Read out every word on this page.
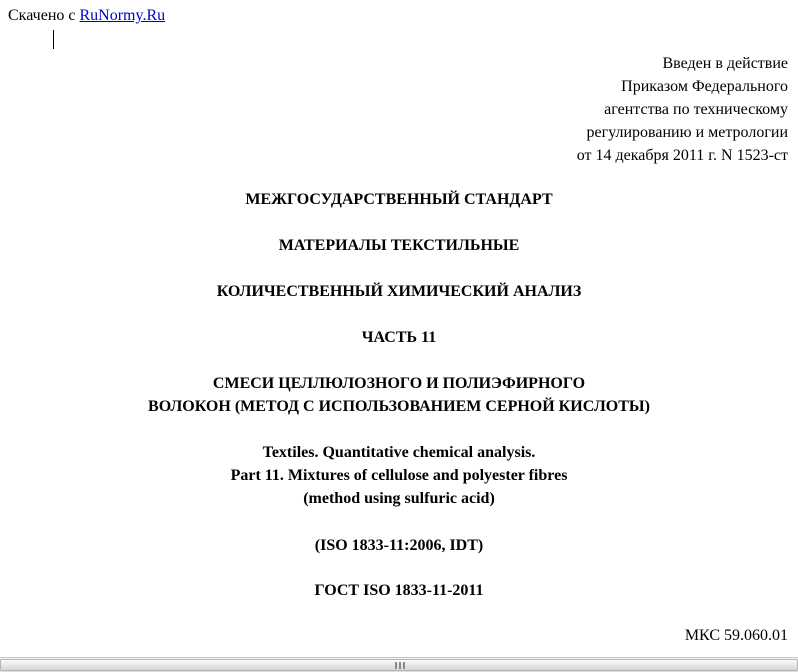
Скачено с RuNormy.Ru
Введен в действие
Приказом Федерального
агентства по техническому
регулированию и метрологии
от 14 декабря 2011 г. N 1523-ст
МЕЖГОСУДАРСТВЕННЫЙ СТАНДАРТ
МАТЕРИАЛЫ ТЕКСТИЛЬНЫЕ
КОЛИЧЕСТВЕННЫЙ ХИМИЧЕСКИЙ АНАЛИЗ
ЧАСТЬ 11
СМЕСИ ЦЕЛЛЮЛОЗНОГО И ПОЛИЭФИРНОГО
ВОЛОКОН (МЕТОД С ИСПОЛЬЗОВАНИЕМ СЕРНОЙ КИСЛОТЫ)
Textiles. Quantitative chemical analysis.
Part 11. Mixtures of cellulose and polyester fibres
(method using sulfuric acid)
(ISO 1833-11:2006, IDT)
ГОСТ ISO 1833-11-2011
МКС 59.060.01
